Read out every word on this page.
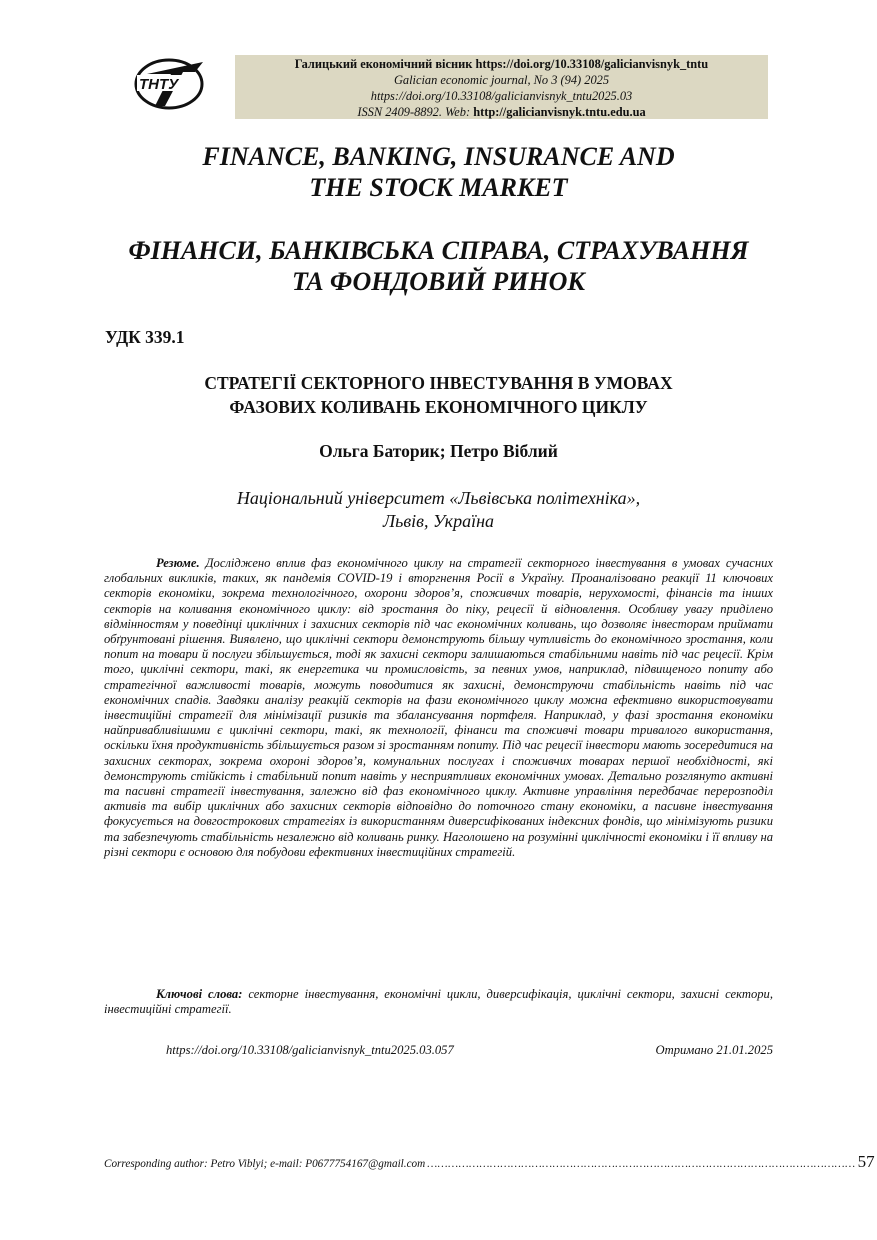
ТНТУ
Галицький економічний вісник https://doi.org/10.33108/galicianvisnyk_tntu
Galician economic journal, No 3 (94) 2025
https://doi.org/10.33108/galicianvisnyk_tntu2025.03
ISSN 2409-8892. Web: http://galicianvisnyk.tntu.edu.ua
FINANCE, BANKING, INSURANCE AND
THE STOCK MARKET
ФІНАНСИ, БАНКІВСЬКА СПРАВА, СТРАХУВАННЯ
ТА ФОНДОВИЙ РИНОК
УДК 339.1
СТРАТЕГІЇ СЕКТОРНОГО ІНВЕСТУВАННЯ В УМОВАХ
ФАЗОВИХ КОЛИВАНЬ ЕКОНОМІЧНОГО ЦИКЛУ
Ольга Баторик; Петро Віблий
Національний університет «Львівська політехніка»,
Львів, Україна

Резюме. Досліджено вплив фаз економічного циклу на стратегії секторного інвестування в умовах сучасних глобальних викликів, таких, як пандемія COVID-19 і вторгнення Росії в Україну. Проаналізовано реакції 11 ключових секторів економіки, зокрема технологічного, охорони здоров’я, споживчих товарів, нерухомості, фінансів та інших секторів на коливання економічного циклу: від зростання до піку, рецесії й відновлення. Особливу увагу приділено відмінностям у поведінці циклічних і захисних секторів під час економічних коливань, що дозволяє інвесторам приймати обґрунтовані рішення. Виявлено, що циклічні сектори демонструють більшу чутливість до економічного зростання, коли попит на товари й послуги збільшується, тоді як захисні сектори залишаються стабільними навіть під час рецесії. Крім того, циклічні сектори, такі, як енергетика чи промисловість, за певних умов, наприклад, підвищеного попиту або стратегічної важливості товарів, можуть поводитися як захисні, демонструючи стабільність навіть під час економічних спадів. Завдяки аналізу реакцій секторів на фази економічного циклу можна ефективно використовувати інвестиційні стратегії для мінімізації ризиків та збалансування портфеля. Наприклад, у фазі зростання економіки найпривабливішими є циклічні сектори, такі, як технології, фінанси та споживчі товари тривалого використання, оскільки їхня продуктивність збільшується разом зі зростанням попиту. Під час рецесії інвестори мають зосередитися на захисних секторах, зокрема охороні здоров’я, комунальних послугах і споживчих товарах першої необхідності, які демонструють стійкість і стабільний попит навіть у несприятливих економічних умовах. Детально розглянуто активні та пасивні стратегії інвестування, залежно від фаз економічного циклу. Активне управління передбачає перерозподіл активів та вибір циклічних або захисних секторів відповідно до поточного стану економіки, а пасивне інвестування фокусується на довгострокових стратегіях із використанням диверсифікованих індексних фондів, що мінімізують ризики та забезпечують стабільність незалежно від коливань ринку. Наголошено на розумінні циклічності економіки і її впливу на різні сектори є основою для побудови ефективних інвестиційних стратегій.

Ключові слова: секторне інвестування, економічні цикли, диверсифікація, циклічні сектори, захисні сектори, інвестиційні стратегії.

https://doi.org/10.33108/galicianvisnyk_tntu2025.03.057	Отримано 21.01.2025
Corresponding author: Petro Viblyi; e-mail: P0677754167@gmail.com …………………………………………………………………………………………………………… 57
